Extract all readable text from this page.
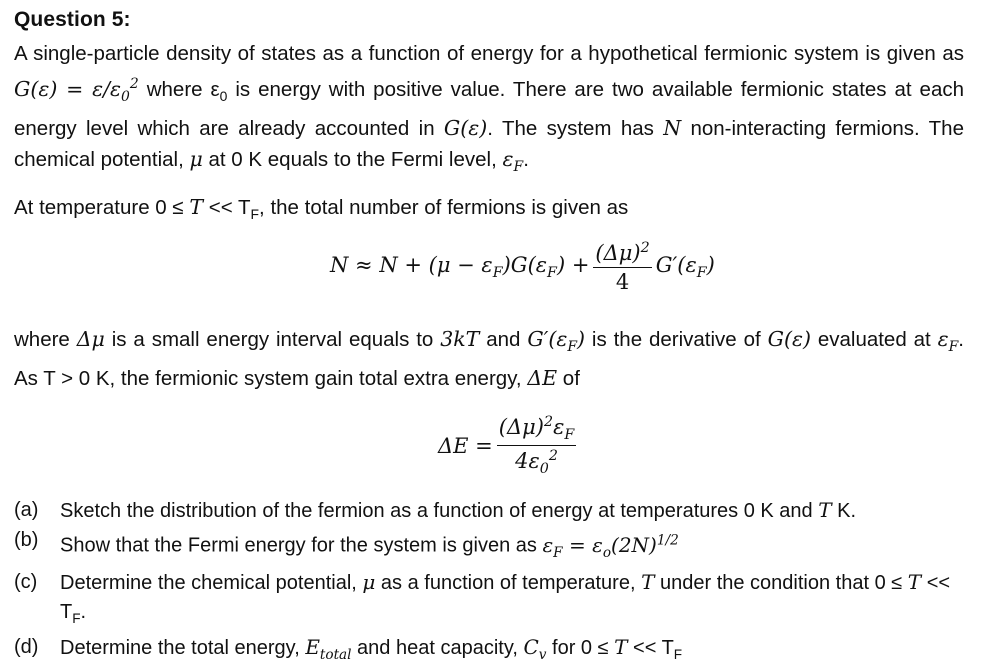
Question 5:
A single-particle density of states as a function of energy for a hypothetical fermionic system is given as $G(\varepsilon) = \varepsilon/\varepsilon_0^2$ where $\varepsilon_0$ is energy with positive value. There are two available fermionic states at each energy level which are already accounted in G(ε). The system has N non-interacting fermions. The chemical potential, μ at 0 K equals to the Fermi level, $\varepsilon_F$.
At temperature $0 \le T << T_F$, the total number of fermions is given as
$N \approx N + (\mu - \varepsilon_F)G(\varepsilon_F) + \frac{(\Delta\mu)^2}{4} G'(\varepsilon_F)$
where Δμ is a small energy interval equals to 3kT and $G'(\varepsilon_F)$ is the derivative of G(ε) evaluated at $\varepsilon_F$. As T > 0 K, the fermionic system gain total extra energy, ΔE of
$\Delta E = \frac{(\Delta\mu)^2\varepsilon_F}{4\varepsilon_0^2}$
(a)	Sketch the distribution of the fermion as a function of energy at temperatures 0 K and T K.
(b)	Show that the Fermi energy for the system is given as $\varepsilon_F = \varepsilon_o(2N)^{1/2}$
(c)	Determine the chemical potential, μ as a function of temperature, T under the condition that $0 \le T << T_F$.
(d)	Determine the total energy, $E_{total}$ and heat capacity, $C_v$ for $0 \le T << T_F$
